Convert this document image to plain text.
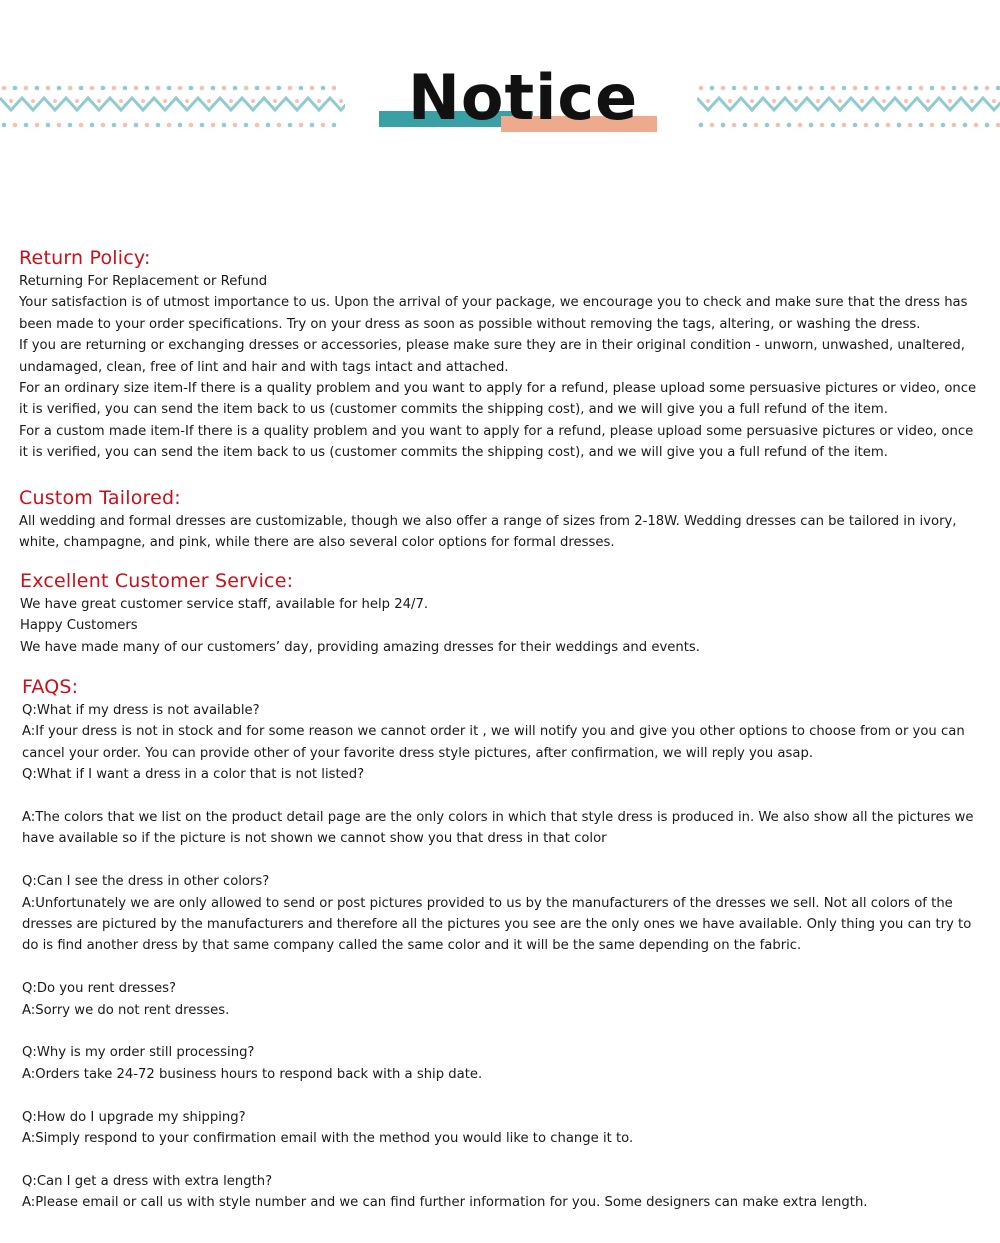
Notice
Return Policy:

Returning For Replacement or Refund

Your satisfaction is of utmost importance to us. Upon the arrival of your package, we encourage you to check and make sure that the dress has been made to your order specifications. Try on your dress as soon as possible without removing the tags, altering, or washing the dress.

If you are returning or exchanging dresses or accessories, please make sure they are in their original condition - unworn, unwashed, unaltered, undamaged, clean, free of lint and hair and with tags intact and attached.

For an ordinary size item-If there is a quality problem and you want to apply for a refund, please upload some persuasive pictures or video, once it is verified, you can send the item back to us (customer commits the shipping cost), and we will give you a full refund of the item.

For a custom made item-If there is a quality problem and you want to apply for a refund, please upload some persuasive pictures or video, once it is verified, you can send the item back to us (customer commits the shipping cost), and we will give you a full refund of the item.

Custom Tailored:

All wedding and formal dresses are customizable, though we also offer a range of sizes from 2-18W. Wedding dresses can be tailored in ivory, white, champagne, and pink, while there are also several color options for formal dresses.

Excellent Customer Service:

We have great customer service staff, available for help 24/7.

Happy Customers

We have made many of our customers’ day, providing amazing dresses for their weddings and events.

FAQS:

Q:What if my dress is not available?

A:If your dress is not in stock and for some reason we cannot order it , we will notify you and give you other options to choose from or you can cancel your order. You can provide other of your favorite dress style pictures, after confirmation, we will reply you asap.

Q:What if I want a dress in a color that is not listed?

A:The colors that we list on the product detail page are the only colors in which that style dress is produced in. We also show all the pictures we have available so if the picture is not shown we cannot show you that dress in that color

Q:Can I see the dress in other colors?

A:Unfortunately we are only allowed to send or post pictures provided to us by the manufacturers of the dresses we sell. Not all colors of the dresses are pictured by the manufacturers and therefore all the pictures you see are the only ones we have available. Only thing you can try to do is find another dress by that same company called the same color and it will be the same depending on the fabric.

Q:Do you rent dresses?

A:Sorry we do not rent dresses.

Q:Why is my order still processing?

A:Orders take 24-72 business hours to respond back with a ship date.

Q:How do I upgrade my shipping?

A:Simply respond to your confirmation email with the method you would like to change it to.

Q:Can I get a dress with extra length?

A:Please email or call us with style number and we can find further information for you. Some designers can make extra length.
